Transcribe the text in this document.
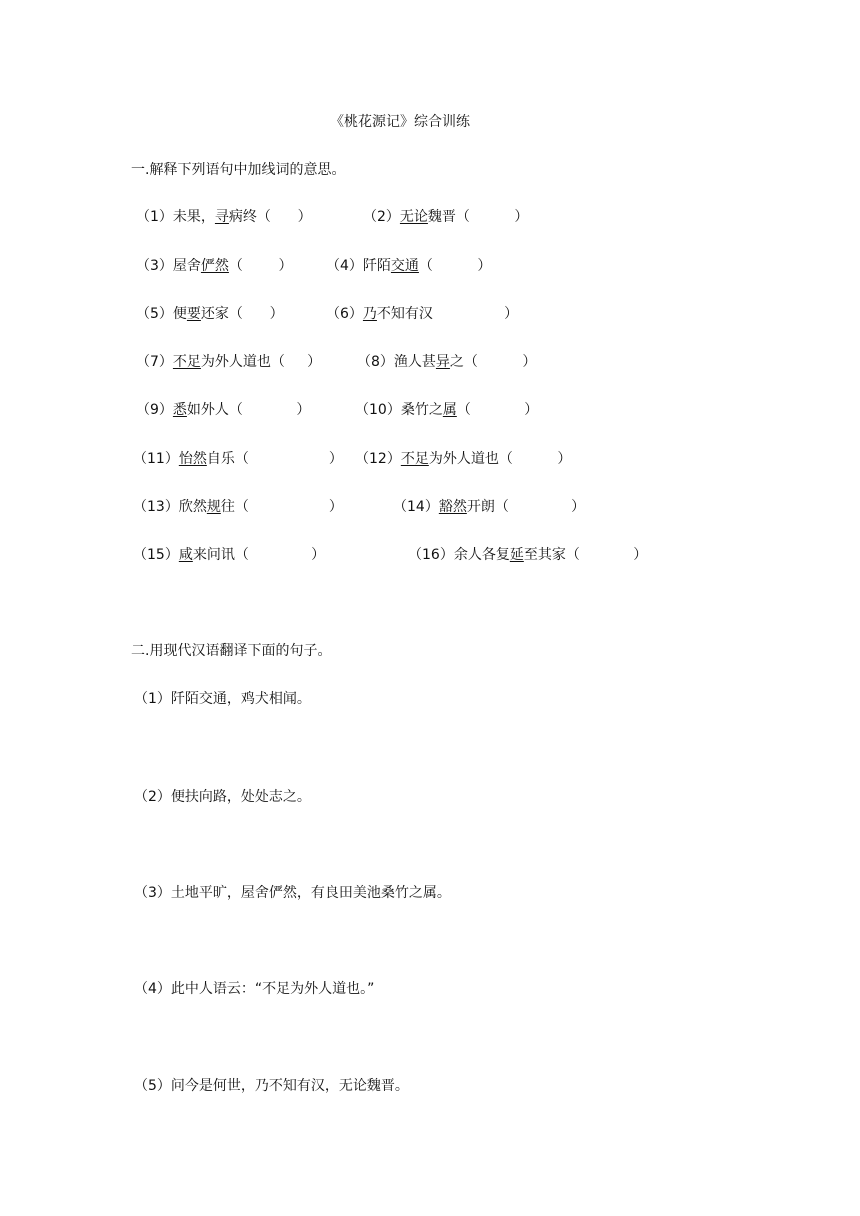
《桃花源记》综合训练
一.解释下列语句中加线词的意思。
（1）未果，寻病终（      ）	（2）无论魏晋（          ）
（3）屋舍俨然（        ） （4）阡陌交通（          ）
（5）便要还家（      ）	（6）乃不知有汉                ）
（7）不足为外人道也（     ）	（8）渔人甚异之（          ）
（9）悉如外人（            ）	（10）桑竹之属（            ）
（11）怡然自乐（                  ） （12）不足为外人道也（          ）
（13）欣然规往（                  ）	（14）豁然开朗（              ）
（15）咸来问讯（              ）	（16）余人各复延至其家（            ）
二.用现代汉语翻译下面的句子。
（1）阡陌交通，鸡犬相闻。
（2）便扶向路，处处志之。
（3）土地平旷，屋舍俨然，有良田美池桑竹之属。
（4）此中人语云：“不足为外人道也。”
（5）问今是何世，乃不知有汉，无论魏晋。
